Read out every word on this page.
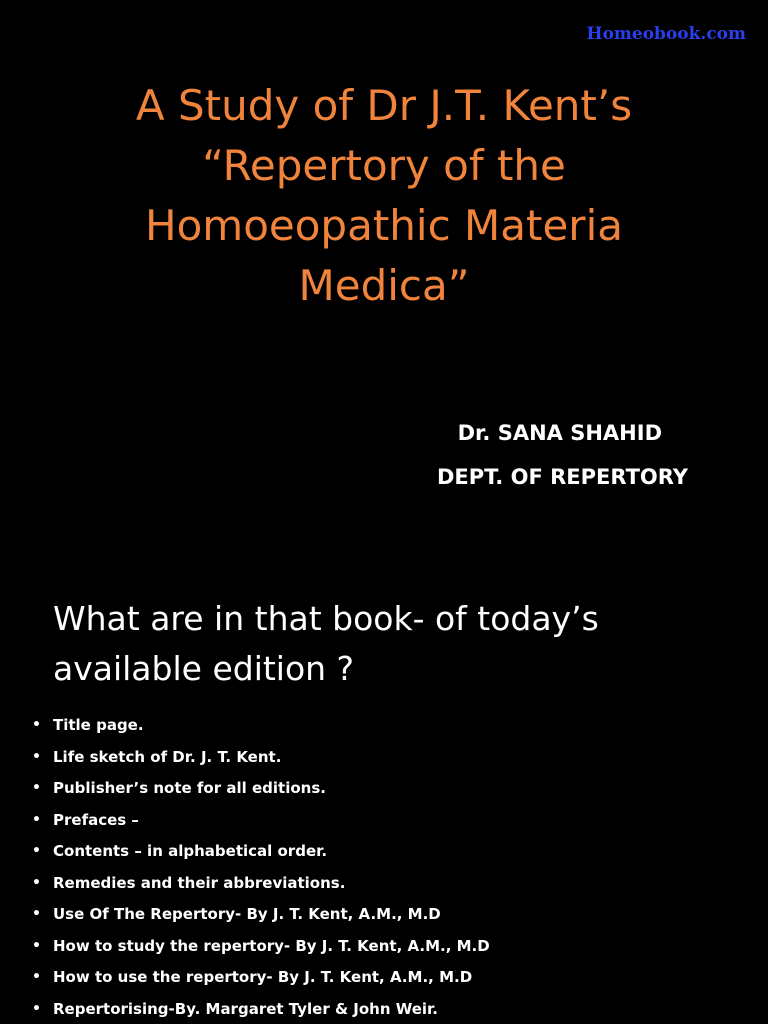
Homeobook.com
A Study of Dr J.T. Kent’s
“Repertory of the
Homoeopathic Materia
Medica”
Dr. SANA SHAHID
DEPT. OF REPERTORY
What are in that book- of today’s available edition ?
• Title page.
• Life sketch of Dr. J. T. Kent.
• Publisher’s note for all editions.
• Prefaces –
• Contents – in alphabetical order.
• Remedies and their abbreviations.
• Use Of The Repertory- By J. T. Kent, A.M., M.D
• How to study the repertory- By J. T. Kent, A.M., M.D
• How to use the repertory- By J. T. Kent, A.M., M.D
• Repertorising-By. Margaret Tyler & John Weir.
